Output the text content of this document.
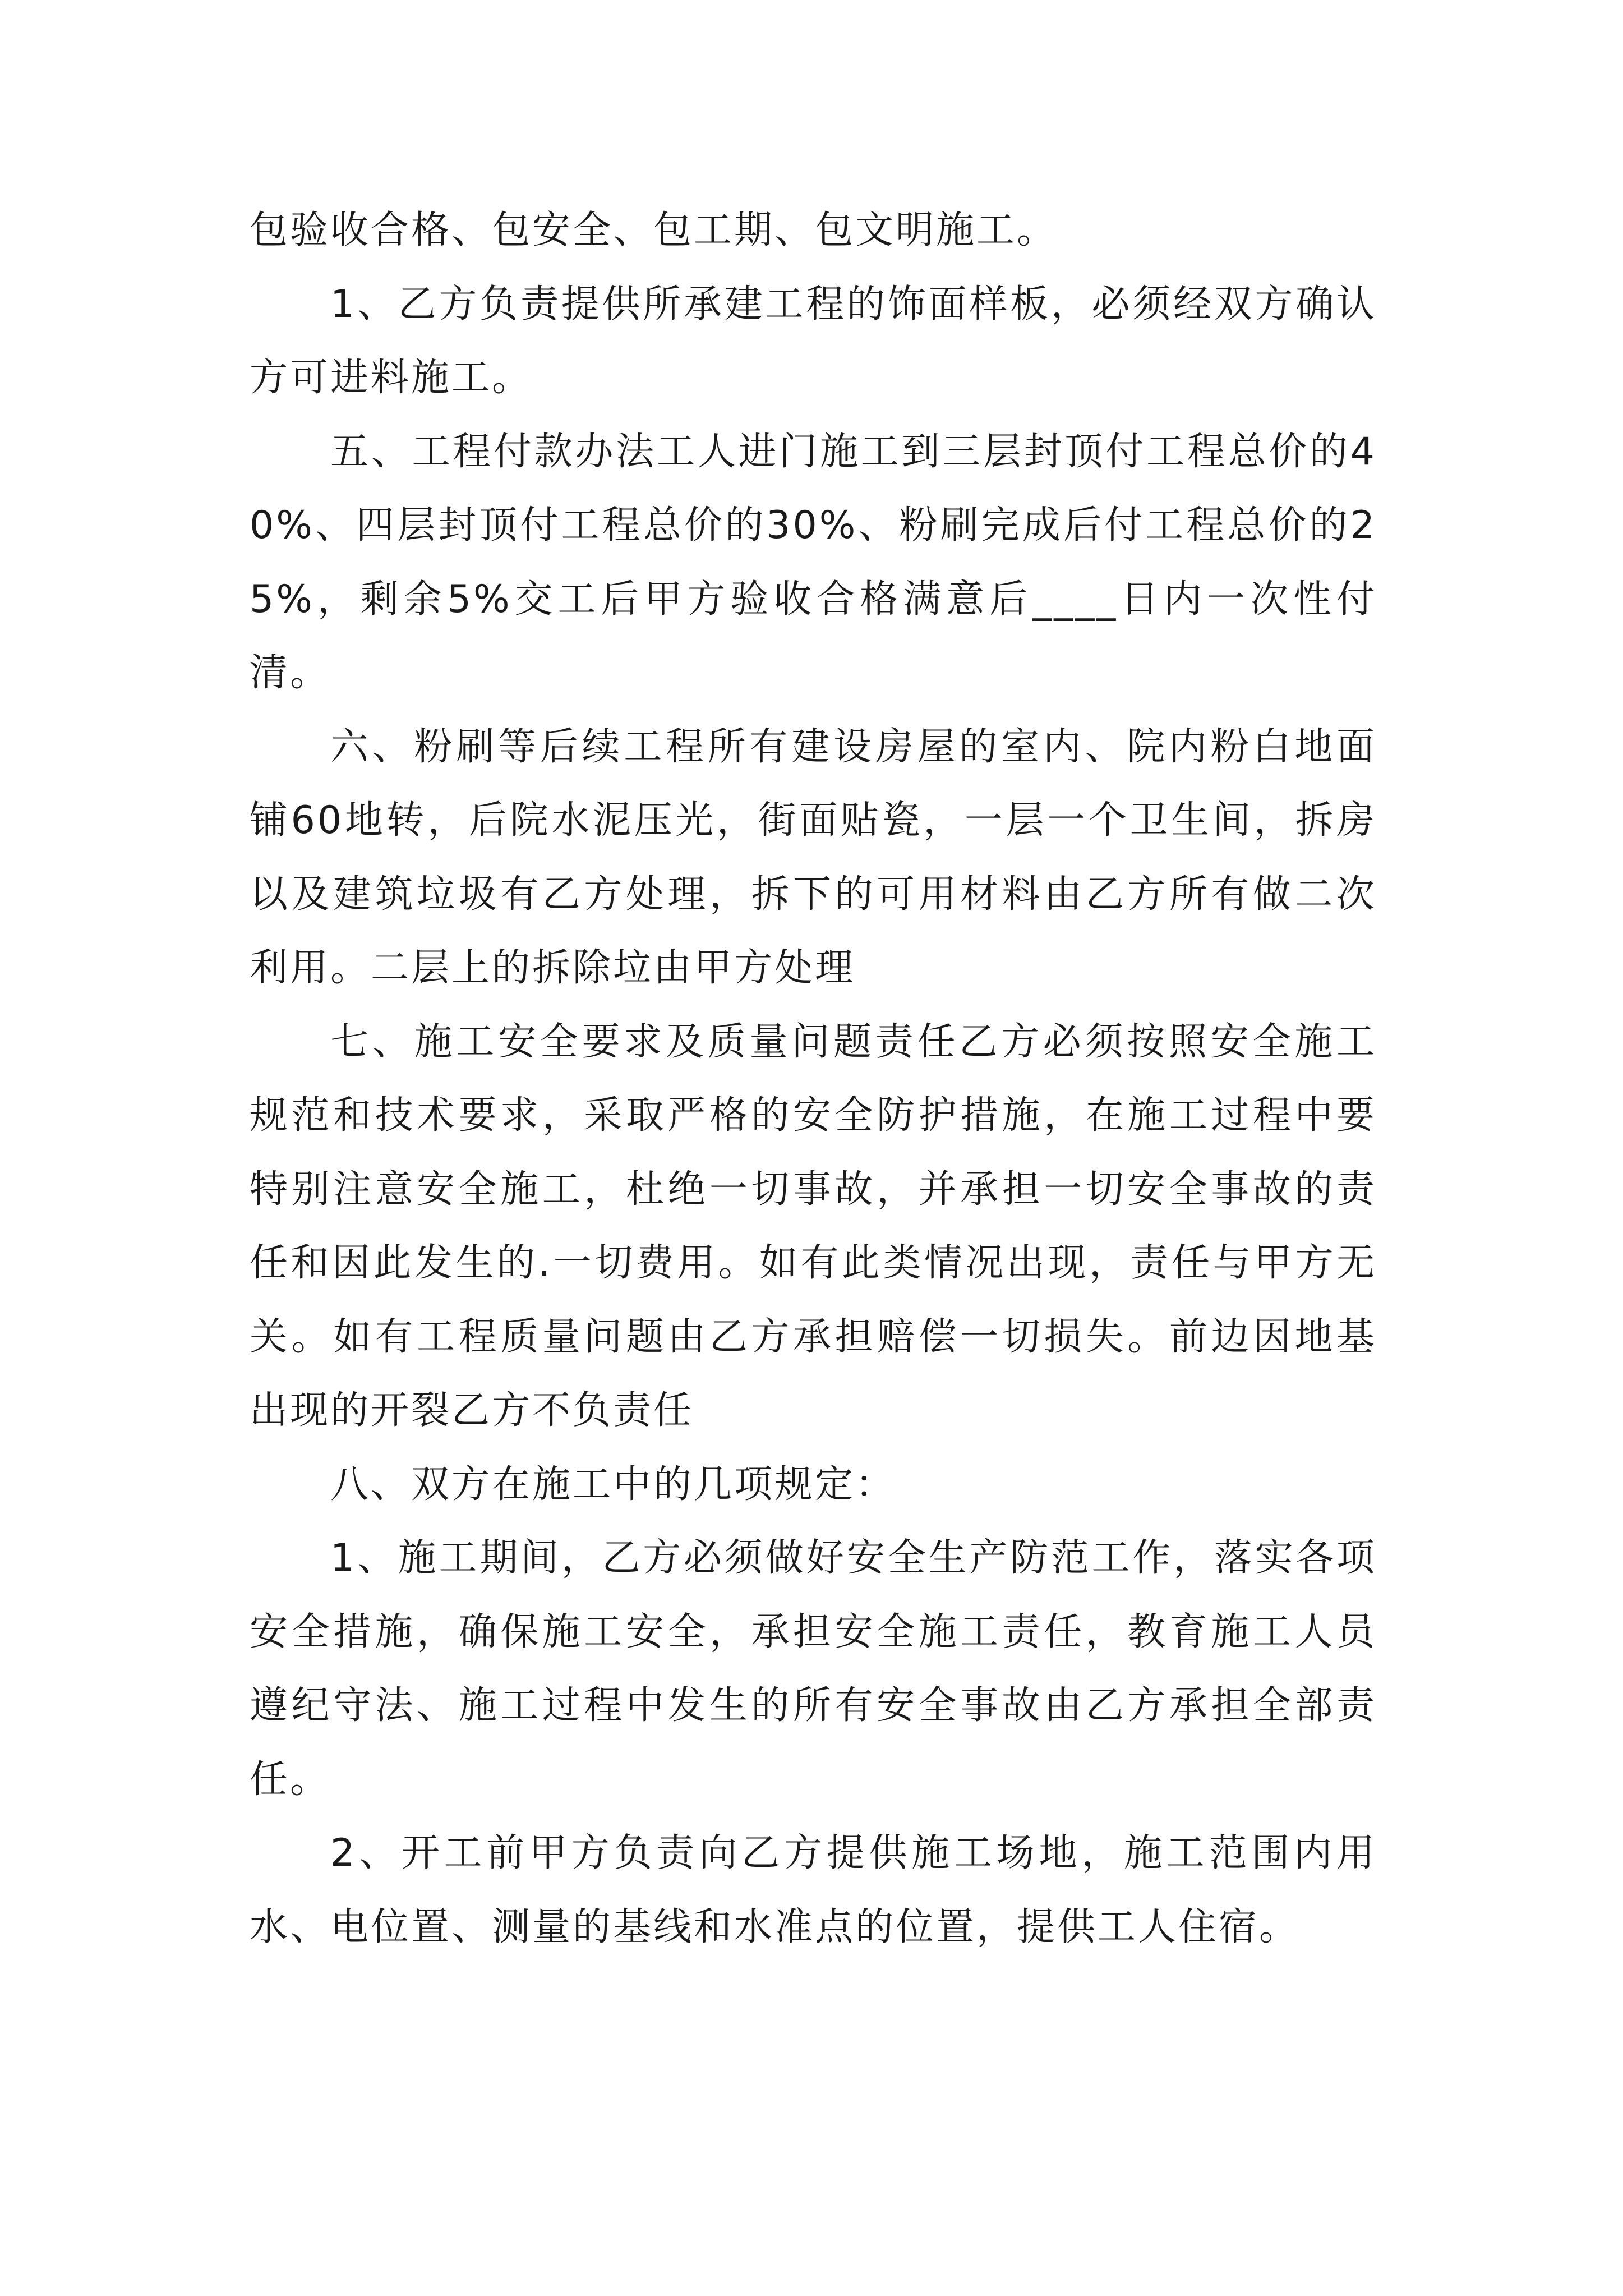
包验收合格、包安全、包工期、包文明施工。

1、乙方负责提供所承建工程的饰面样板，必须经双方确认方可进料施工。

五、工程付款办法工人进门施工到三层封顶付工程总价的40%、四层封顶付工程总价的30%、粉刷完成后付工程总价的25%，剩余5%交工后甲方验收合格满意后____日内一次性付清。

六、粉刷等后续工程所有建设房屋的室内、院内粉白地面铺60地转，后院水泥压光，街面贴瓷，一层一个卫生间，拆房以及建筑垃圾有乙方处理，拆下的可用材料由乙方所有做二次利用。二层上的拆除垃由甲方处理

七、施工安全要求及质量问题责任乙方必须按照安全施工规范和技术要求，采取严格的安全防护措施，在施工过程中要特别注意安全施工，杜绝一切事故，并承担一切安全事故的责任和因此发生的.一切费用。如有此类情况出现，责任与甲方无关。如有工程质量问题由乙方承担赔偿一切损失。前边因地基出现的开裂乙方不负责任

八、双方在施工中的几项规定：

1、施工期间，乙方必须做好安全生产防范工作，落实各项安全措施，确保施工安全，承担安全施工责任，教育施工人员遵纪守法、施工过程中发生的所有安全事故由乙方承担全部责任。

2、开工前甲方负责向乙方提供施工场地，施工范围内用水、电位置、测量的基线和水准点的位置，提供工人住宿。
